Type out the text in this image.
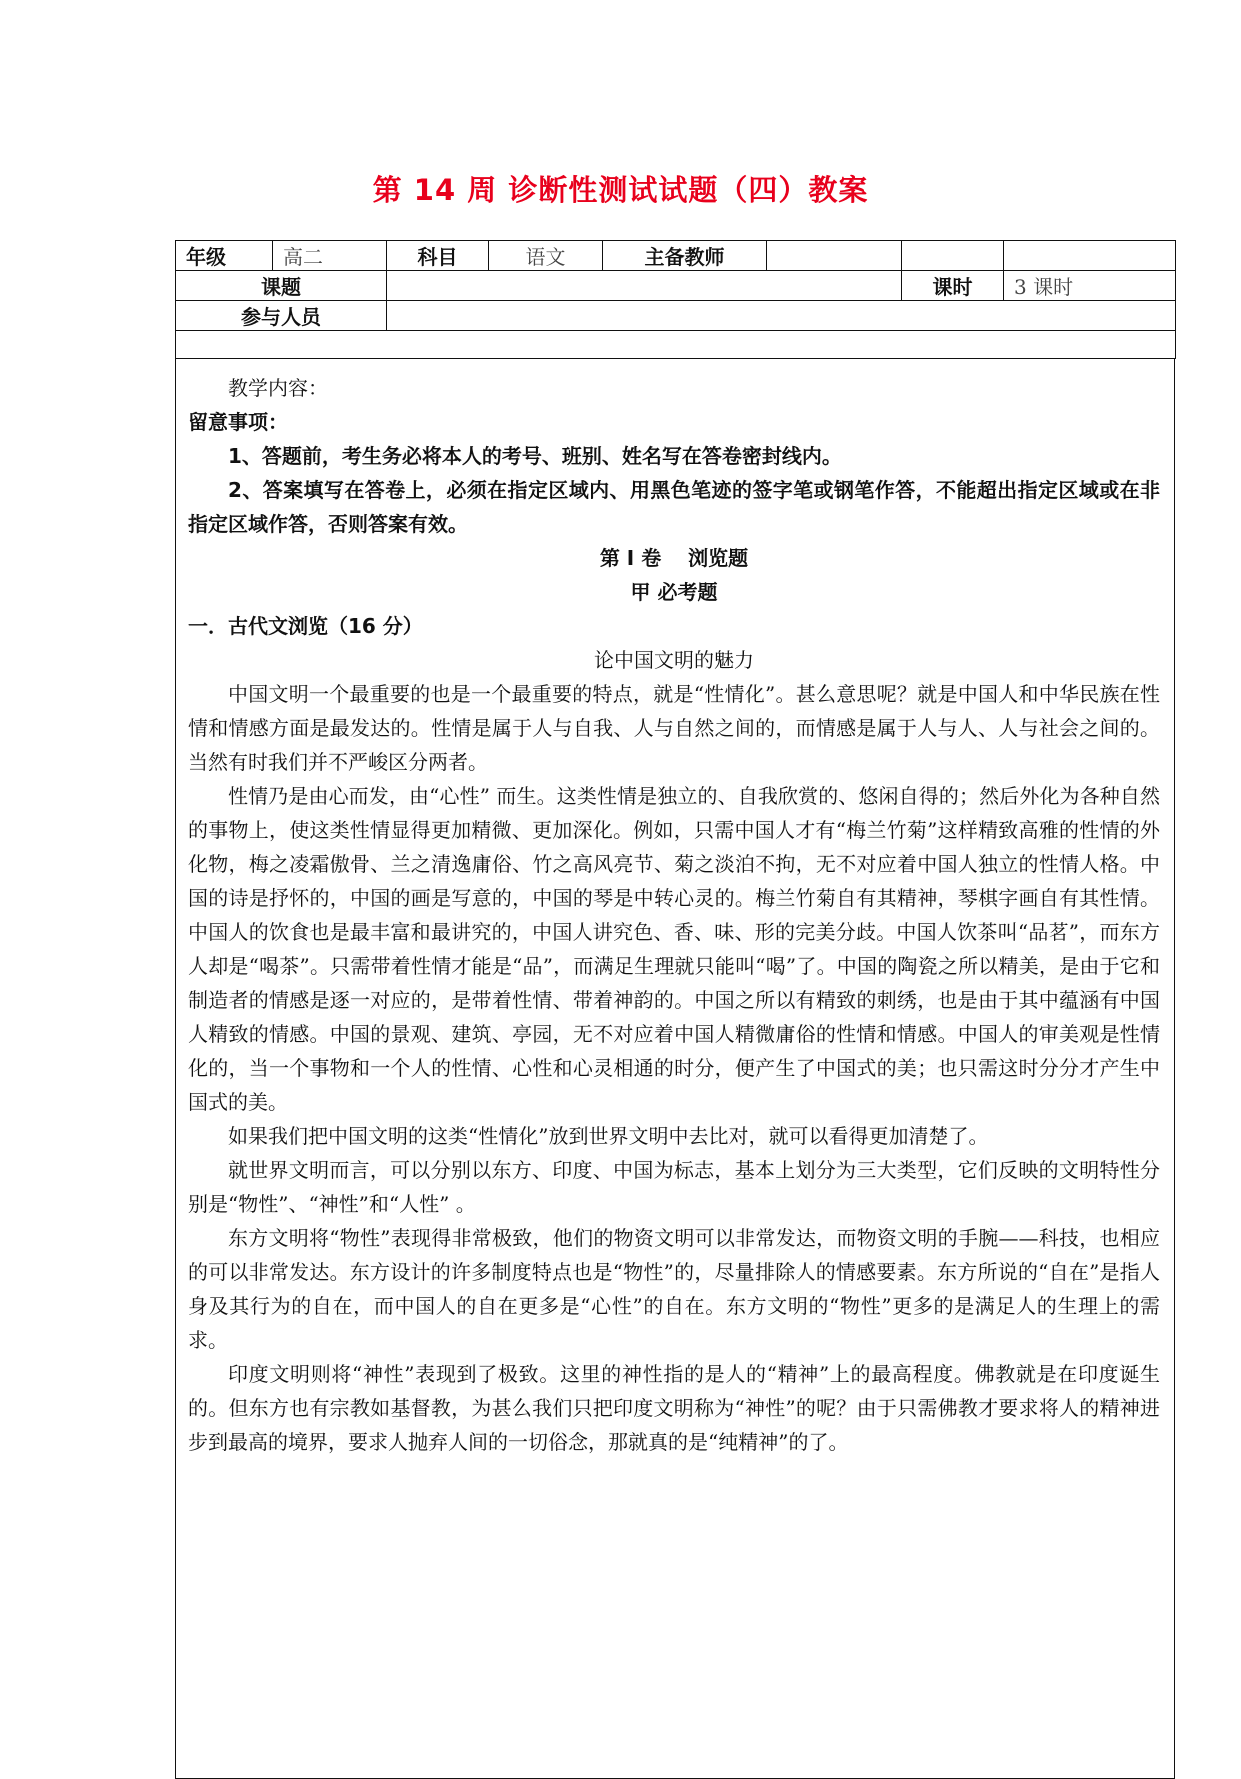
第 14 周 诊断性测试试题（四）教案
年级	高二	科目	语文	主备教师			
课题						课时	3 课时
参与人员							

教学内容：

留意事项：

1、答题前，考生务必将本人的考号、班别、姓名写在答卷密封线内。

2、答案填写在答卷上，必须在指定区域内、用黑色笔迹的签字笔或钢笔作答，不能超出指定区域或在非指定区域作答，否则答案有效。

第 I 卷　 浏览题

甲 必考题

一．古代文浏览（16 分）

论中国文明的魅力

中国文明一个最重要的也是一个最重要的特点，就是“性情化”。甚么意思呢？就是中国人和中华民族在性情和情感方面是最发达的。性情是属于人与自我、人与自然之间的，而情感是属于人与人、人与社会之间的。当然有时我们并不严峻区分两者。

性情乃是由心而发，由“心性” 而生。这类性情是独立的、自我欣赏的、悠闲自得的；然后外化为各种自然的事物上，使这类性情显得更加精微、更加深化。例如，只需中国人才有“梅兰竹菊”这样精致高雅的性情的外化物，梅之凌霜傲骨、兰之清逸庸俗、竹之高风亮节、菊之淡泊不拘，无不对应着中国人独立的性情人格。中国的诗是抒怀的，中国的画是写意的，中国的琴是中转心灵的。梅兰竹菊自有其精神，琴棋字画自有其性情。中国人的饮食也是最丰富和最讲究的，中国人讲究色、香、味、形的完美分歧。中国人饮茶叫“品茗”，而东方人却是“喝茶”。只需带着性情才能是“品”，而满足生理就只能叫“喝”了。中国的陶瓷之所以精美，是由于它和制造者的情感是逐一对应的，是带着性情、带着神韵的。中国之所以有精致的刺绣，也是由于其中蕴涵有中国人精致的情感。中国的景观、建筑、亭园，无不对应着中国人精微庸俗的性情和情感。中国人的审美观是性情化的，当一个事物和一个人的性情、心性和心灵相通的时分，便产生了中国式的美；也只需这时分分才产生中国式的美。

如果我们把中国文明的这类“性情化”放到世界文明中去比对，就可以看得更加清楚了。

就世界文明而言，可以分别以东方、印度、中国为标志，基本上划分为三大类型，它们反映的文明特性分别是“物性”、“神性”和“人性” 。

东方文明将“物性”表现得非常极致，他们的物资文明可以非常发达，而物资文明的手腕——科技，也相应的可以非常发达。东方设计的许多制度特点也是“物性”的，尽量排除人的情感要素。东方所说的“自在”是指人身及其行为的自在，而中国人的自在更多是“心性”的自在。东方文明的“物性”更多的是满足人的生理上的需求。

印度文明则将“神性”表现到了极致。这里的神性指的是人的“精神”上的最高程度。佛教就是在印度诞生的。但东方也有宗教如基督教，为甚么我们只把印度文明称为“神性”的呢？由于只需佛教才要求将人的精神进步到最高的境界，要求人抛弃人间的一切俗念，那就真的是“纯精神”的了。
